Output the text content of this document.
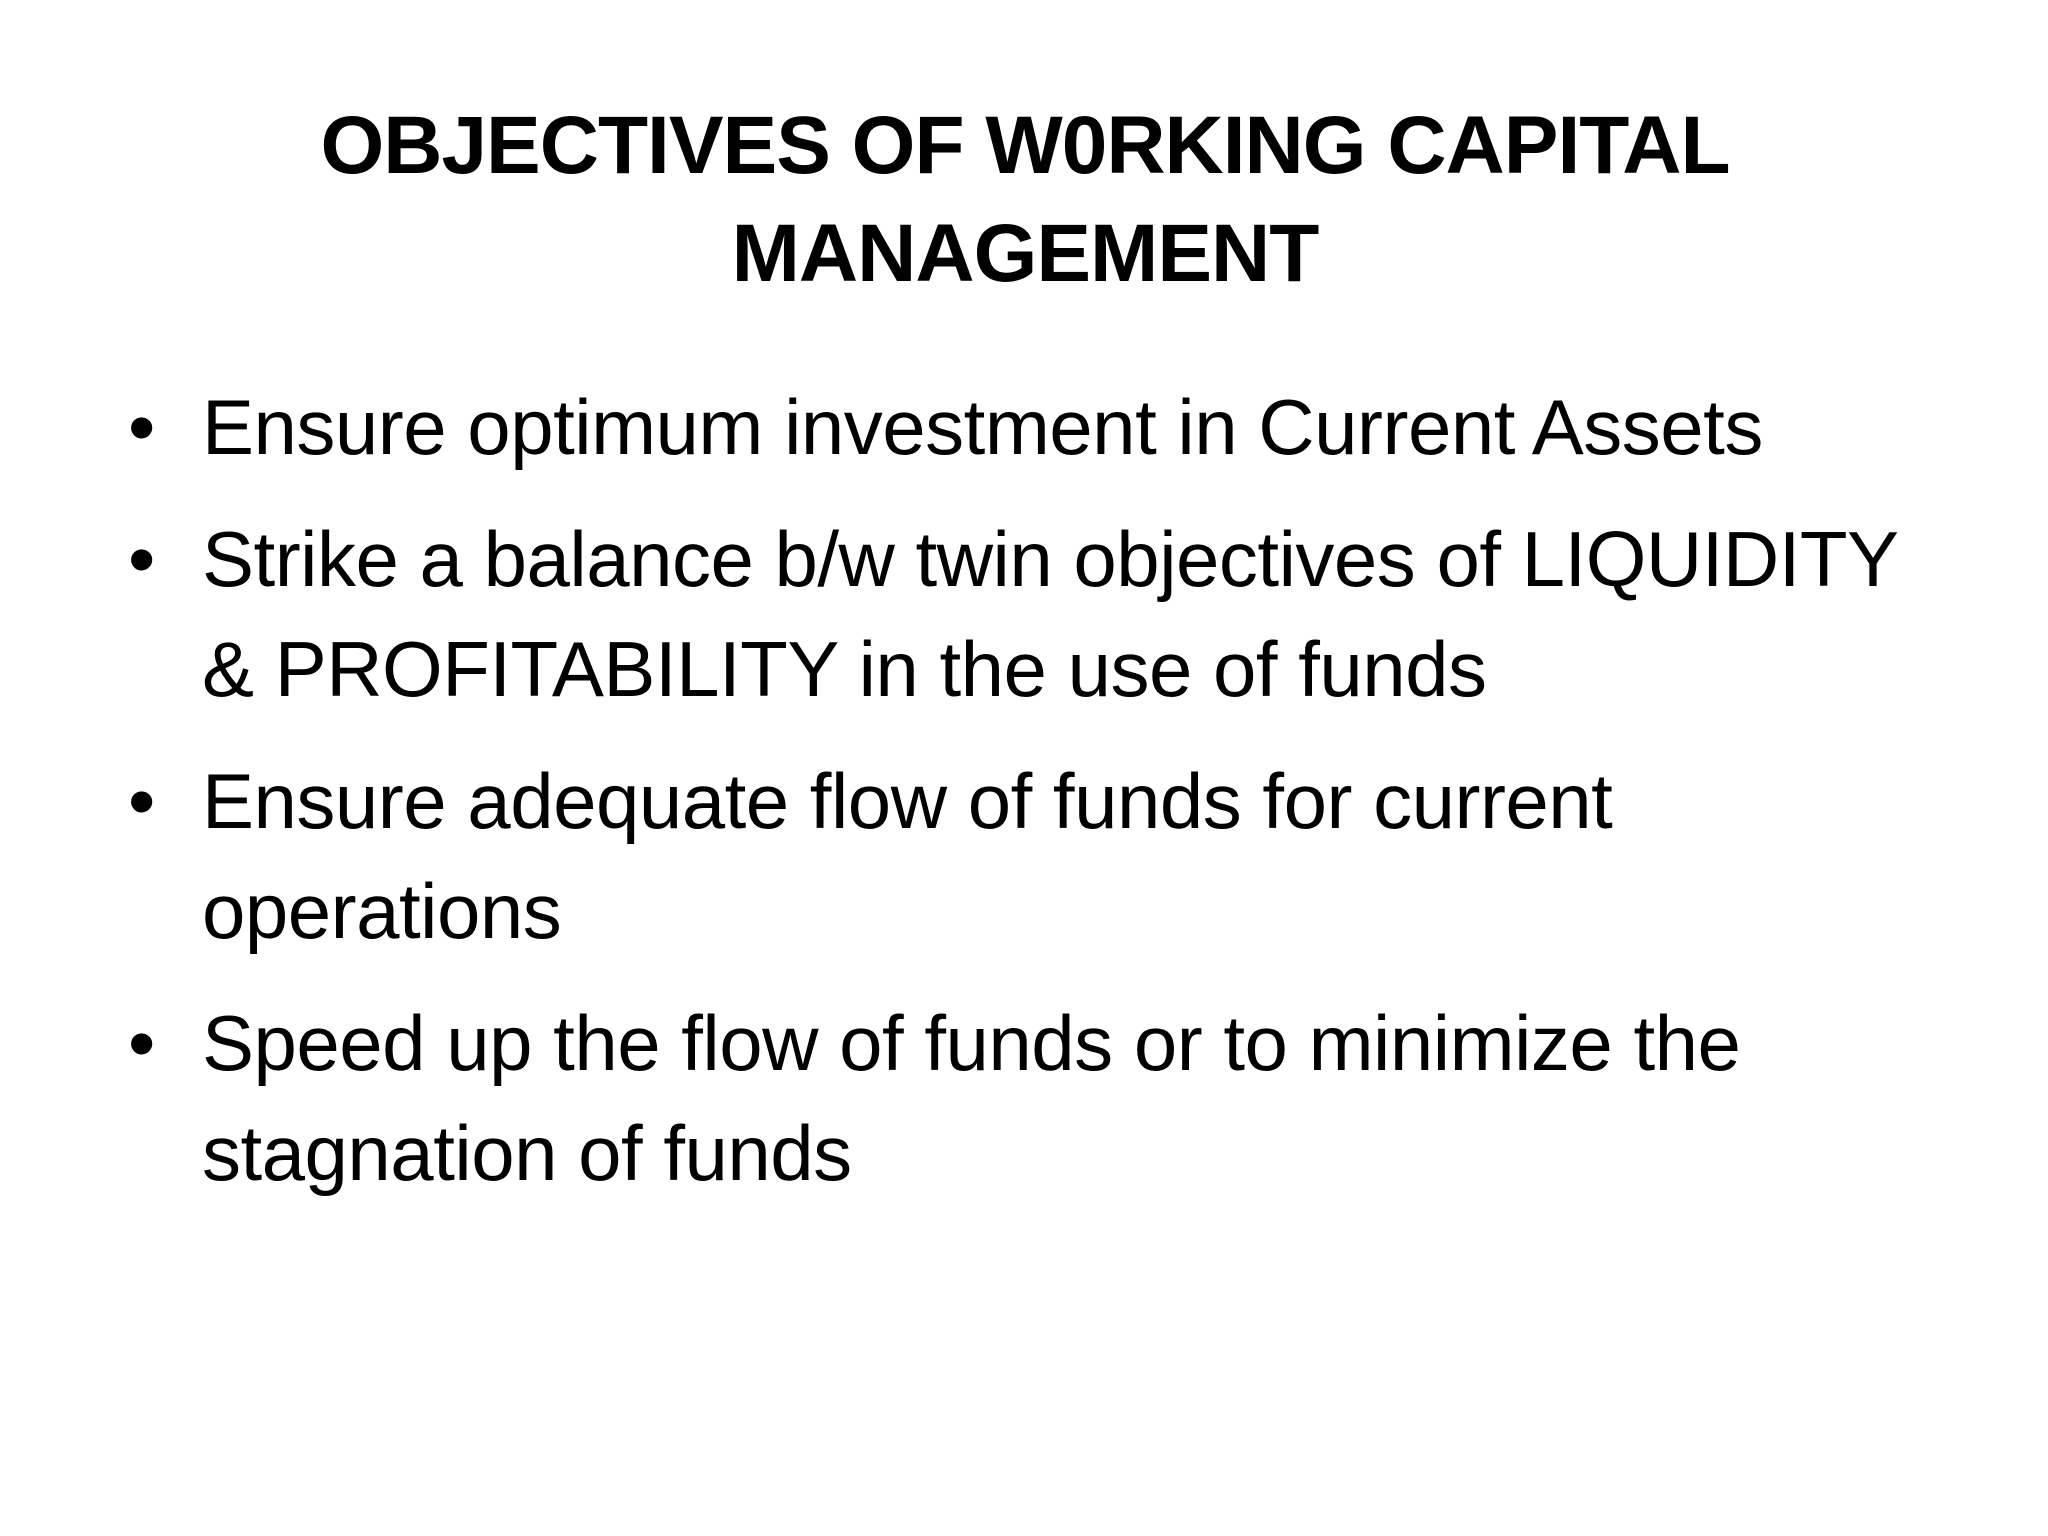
OBJECTIVES OF W0RKING CAPITAL
MANAGEMENT
• Ensure optimum investment in Current Assets
• Strike a balance b/w twin objectives of LIQUIDITY & PROFITABILITY in the use of funds
• Ensure adequate flow of funds for current operations
• Speed up the flow of funds or to minimize the stagnation of funds
